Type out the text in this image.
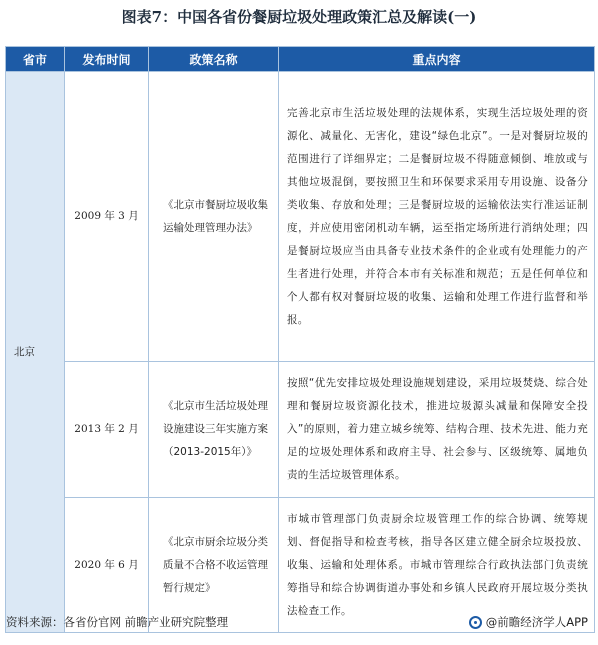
图表7：中国各省份餐厨垃圾处理政策汇总及解读(一)
省市	发布时间	政策名称	重点内容
北京	2009 年 3 月	《北京市餐厨垃圾收集运输处理管理办法》	完善北京市生活垃圾处理的法规体系，实现生活垃圾处理的资源化、减量化、无害化，建设“绿色北京”。一是对餐厨垃圾的范围进行了详细界定；二是餐厨垃圾不得随意倾倒、堆放或与其他垃圾混倒，要按照卫生和环保要求采用专用设施、设备分类收集、存放和处理；三是餐厨垃圾的运输依法实行准运证制度，并应使用密闭机动车辆，运至指定场所进行消纳处理；四是餐厨垃圾应当由具备专业技术条件的企业或有处理能力的产生者进行处理，并符合本市有关标准和规范；五是任何单位和个人都有权对餐厨垃圾的收集、运输和处理工作进行监督和举报。
	2013 年 2 月	《北京市生活垃圾处理设施建设三年实施方案（2013-2015年）》	按照“优先安排垃圾处理设施规划建设，采用垃圾焚烧、综合处理和餐厨垃圾资源化技术，推进垃圾源头减量和保障安全投入”的原则，着力建立城乡统筹、结构合理、技术先进、能力充足的垃圾处理体系和政府主导、社会参与、区级统筹、属地负责的生活垃圾管理体系。
	2020 年 6 月	《北京市厨余垃圾分类质量不合格不收运管理暂行规定》	市城市管理部门负责厨余垃圾管理工作的综合协调、统筹规划、督促指导和检查考核，指导各区建立健全厨余垃圾投放、收集、运输和处理体系。市城市管理综合行政执法部门负责统筹指导和综合协调街道办事处和乡镇人民政府开展垃圾分类执法检查工作。
资料来源：各省份官网 前瞻产业研究院整理	@前瞻经济学人APP
